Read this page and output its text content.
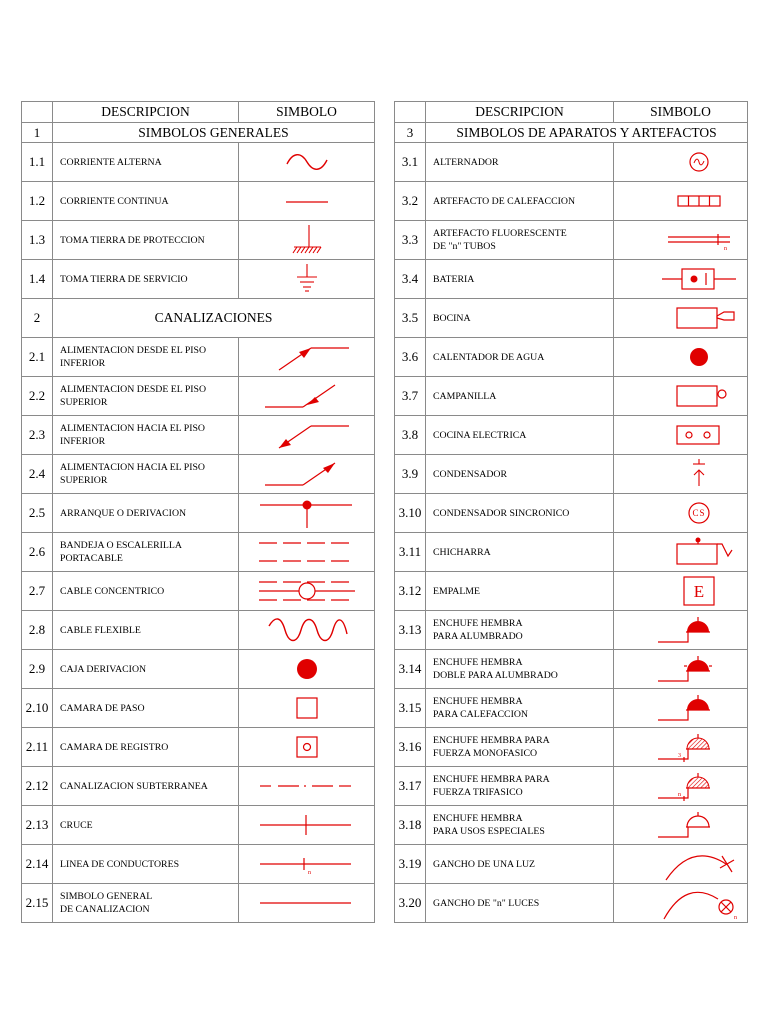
	DESCRIPCION	SIMBOLO
1	SIMBOLOS GENERALES	
1.1	CORRIENTE ALTERNA

1.2	CORRIENTE CONTINUA

1.3	TOMA TIERRA DE PROTECCION

1.4	TOMA TIERRA DE SERVICIO

2	CANALIZACIONES	
2.1	ALIMENTACION DESDE EL PISO
INFERIOR

2.2	ALIMENTACION DESDE EL PISO
SUPERIOR

2.3	ALIMENTACION HACIA EL PISO
INFERIOR

2.4	ALIMENTACION HACIA EL PISO
SUPERIOR

2.5	ARRANQUE O DERIVACION

2.6	BANDEJA O ESCALERILLA
PORTACABLE

2.7	CABLE CONCENTRICO

2.8	CABLE FLEXIBLE

2.9	CAJA DERIVACION

2.10	CAMARA DE PASO

2.11	CAMARA DE REGISTRO

2.12	CANALIZACION SUBTERRANEA

2.13	CRUCE

2.14	LINEA DE CONDUCTORES	n

2.15	SIMBOLO GENERAL
DE CANALIZACION

	DESCRIPCION	SIMBOLO
3	SIMBOLOS DE APARATOS Y ARTEFACTOS	
3.1	ALTERNADOR

3.2	ARTEFACTO DE CALEFACCION

3.3	ARTEFACTO FLUORESCENTE
DE "n" TUBOS	n

3.4	BATERIA

3.5	BOCINA

3.6	CALENTADOR DE AGUA

3.7	CAMPANILLA

3.8	COCINA ELECTRICA

3.9	CONDENSADOR

3.10	CONDENSADOR SINCRONICO	CS

3.11	CHICHARRA

3.12	EMPALME	E

3.13	ENCHUFE HEMBRA
PARA ALUMBRADO

3.14	ENCHUFE HEMBRA
DOBLE PARA ALUMBRADO

3.15	ENCHUFE HEMBRA
PARA CALEFACCION

3.16	ENCHUFE HEMBRA PARA
FUERZA MONOFASICO	3

3.17	ENCHUFE HEMBRA PARA
FUERZA TRIFASICO	n

3.18	ENCHUFE HEMBRA
PARA USOS ESPECIALES

3.19	GANCHO DE UNA LUZ

3.20	GANCHO DE "n" LUCES	n
